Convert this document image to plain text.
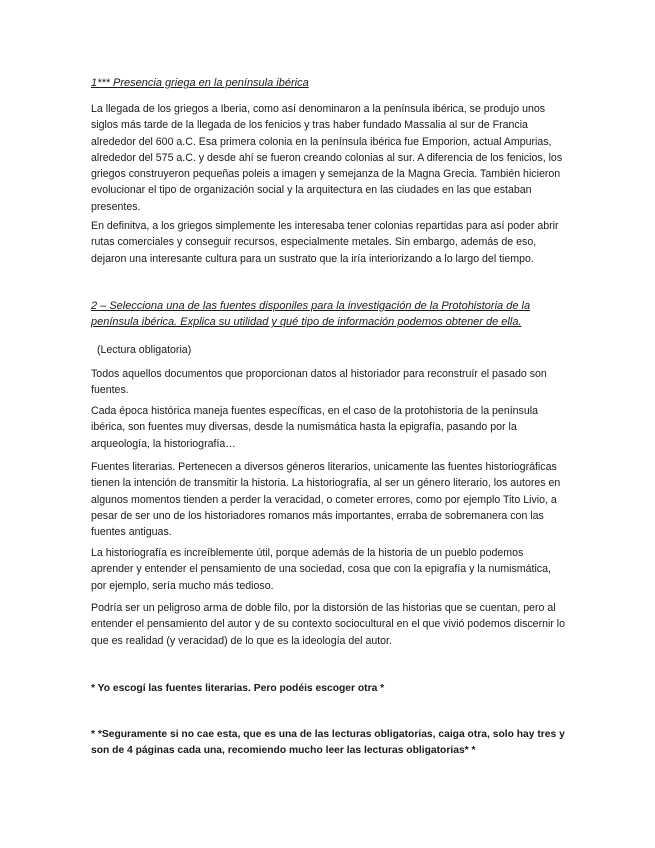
1*** Presencia griega en la península ibérica

La llegada de los griegos a Iberia, como así denominaron a la península ibérica, se produjo unos siglos más tarde de la llegada de los fenicios y tras haber fundado Massalia al sur de Francia alrededor del 600 a.C. Esa primera colonia en la península ibérica fue Emporion, actual Ampurias, alrededor del 575 a.C. y desde ahí se fueron creando colonias al sur. A diferencia de los fenicios, los griegos construyeron pequeñas poleis a imagen y semejanza de la Magna Grecia. También hicieron evolucionar el tipo de organización social y la arquitectura en las ciudades en las que estaban presentes.

En definitva, a los griegos simplemente les interesaba tener colonias repartidas para así poder abrir rutas comerciales y conseguir recursos, especialmente metales. Sin embargo, además de eso, dejaron una interesante cultura para un sustrato que la iría interiorizando a lo largo del tiempo.

2 – Selecciona una de las fuentes disponiles para la investigación de la Protohistoria de la península ibérica. Explica su utilidad y qué tipo de información podemos obtener de ella.

(Lectura obligatoria)

Todos aquellos documentos que proporcionan datos al historiador para reconstruír el pasado son fuentes.

Cada época histórica maneja fuentes específicas, en el caso de la protohistoria de la península ibérica, son fuentes muy diversas, desde la numismática hasta la epigrafía, pasando por la arqueología, la historiografía…

Fuentes literarias. Pertenecen a diversos géneros literarios, unicamente las fuentes historiográficas tienen la intención de transmitir la historia. La historiografía, al ser un género literario, los autores en algunos momentos tienden a perder la veracidad, o cometer errores, como por ejemplo Tito Livio, a pesar de ser uno de los historiadores romanos más importantes, erraba de sobremanera con las fuentes antiguas.

La historiografía es increíblemente útil, porque además de la historia de un pueblo podemos aprender y entender el pensamiento de una sociedad, cosa que con la epigrafía y la numismática, por ejemplo, sería mucho más tedioso.

Podría ser un peligroso arma de doble filo, por la distorsión de las historias que se cuentan, pero al entender el pensamiento del autor y de su contexto sociocultural en el que vivió podemos discernir lo que es realidad (y veracidad) de lo que es la ideología del autor.

* Yo escogí las fuentes literarias. Pero podéis escoger otra *

* *Seguramente si no cae esta, que es una de las lecturas obligatorias, caiga otra, solo hay tres y son de 4 páginas cada una, recomiendo mucho leer las lecturas obligatorias* *
